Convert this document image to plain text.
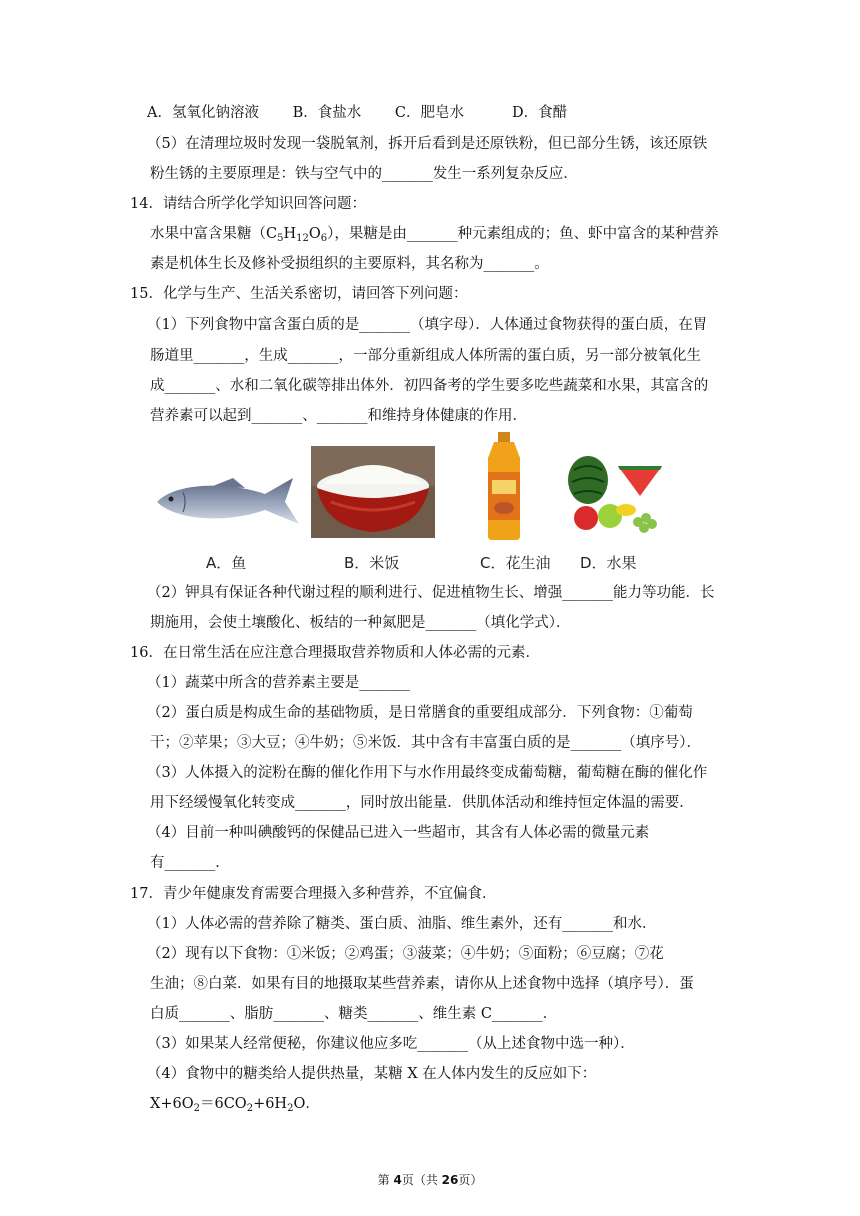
A．氢氧化钠溶液　　 B．食盐水　　 C．肥皂水　　　 D．食醋
（5）在清理垃圾时发现一袋脱氧剂，拆开后看到是还原铁粉，但已部分生锈，该还原铁
粉生锈的主要原理是：铁与空气中的_______发生一系列复杂反应．
14．请结合所学化学知识回答问题：
水果中富含果糖$(C_5H_{12}O_6)$，果糖是由_______种元素组成的；鱼、虾中富含的某种营养
素是机体生长及修补受损组织的主要原料，其名称为_______。
15．化学与生产、生活关系密切，请回答下列问题：
（1）下列食物中富含蛋白质的是_______（填字母）．人体通过食物获得的蛋白质，在胃
肠道里_______，生成_______，一部分重新组成人体所需的蛋白质，另一部分被氧化生
成_______、水和二氧化碳等排出体外．初四备考的学生要多吃些蔬菜和水果，其富含的
营养素可以起到_______、_______和维持身体健康的作用．
A．鱼	B．米饭	C．花生油 D．水果
（2）钾具有保证各种代谢过程的顺利进行、促进植物生长、增强_______能力等功能．长
期施用，会使土壤酸化、板结的一种氮肥是_______（填化学式）．
16．在日常生活在应注意合理摄取营养物质和人体必需的元素．
（1）蔬菜中所含的营养素主要是_______
（2）蛋白质是构成生命的基础物质，是日常膳食的重要组成部分．下列食物：①葡萄
干；②苹果；③大豆；④牛奶；⑤米饭．其中含有丰富蛋白质的是_______（填序号）．
（3）人体摄入的淀粉在酶的催化作用下与水作用最终变成葡萄糖，葡萄糖在酶的催化作
用下经缓慢氧化转变成_______，同时放出能量．供肌体活动和维持恒定体温的需要．
（4）目前一种叫碘酸钙的保健品已进入一些超市，其含有人体必需的微量元素
有_______．
17．青少年健康发育需要合理摄入多种营养，不宜偏食．
（1）人体必需的营养除了糖类、蛋白质、油脂、维生素外，还有_______和水．
（2）现有以下食物：①米饭；②鸡蛋；③菠菜；④牛奶；⑤面粉；⑥豆腐；⑦花
生油；⑧白菜．如果有目的地摄取某些营养素，请你从上述食物中选择（填序号）．蛋
白质_______、脂肪_______、糖类_______、维生素 C_______．
（3）如果某人经常便秘，你建议他应多吃_______（从上述食物中选一种）．
（4）食物中的糖类给人提供热量，某糖 X 在人体内发生的反应如下：
$X+6O_2=6CO_2+6H_2O$．
第 4页（共 26页）
